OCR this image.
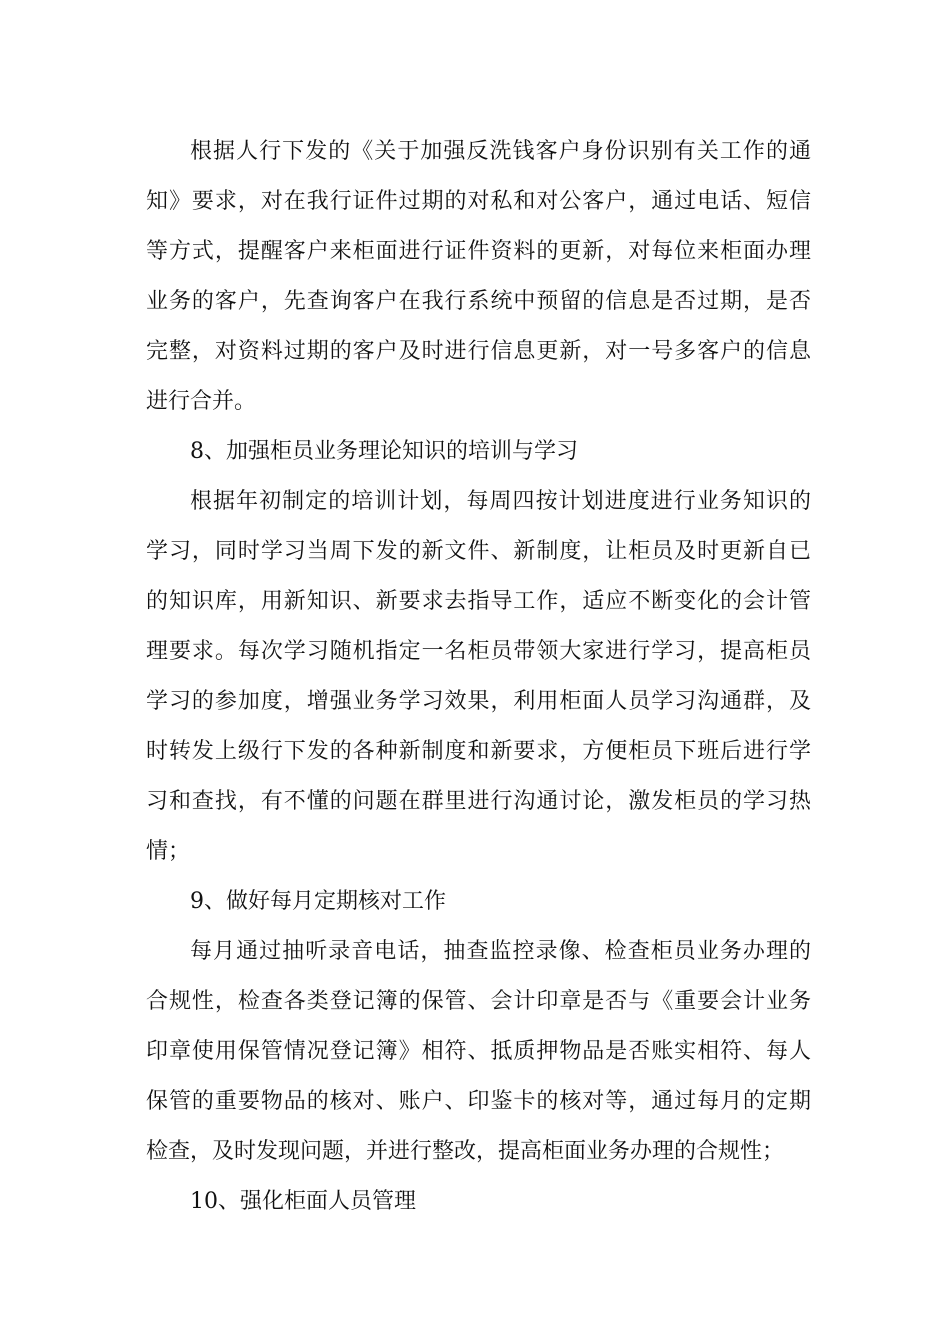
根据人行下发的《关于加强反洗钱客户身份识别有关工作的通
知》要求，对在我行证件过期的对私和对公客户，通过电话、短信
等方式，提醒客户来柜面进行证件资料的更新，对每位来柜面办理
业务的客户，先查询客户在我行系统中预留的信息是否过期，是否
完整，对资料过期的客户及时进行信息更新，对一号多客户的信息
进行合并。
8、加强柜员业务理论知识的培训与学习
根据年初制定的培训计划，每周四按计划进度进行业务知识的
学习，同时学习当周下发的新文件、新制度，让柜员及时更新自已
的知识库，用新知识、新要求去指导工作，适应不断变化的会计管
理要求。每次学习随机指定一名柜员带领大家进行学习，提高柜员
学习的参加度，增强业务学习效果，利用柜面人员学习沟通群，及
时转发上级行下发的各种新制度和新要求，方便柜员下班后进行学
习和查找，有不懂的问题在群里进行沟通讨论，激发柜员的学习热
情；
9、做好每月定期核对工作
每月通过抽听录音电话，抽查监控录像、检查柜员业务办理的
合规性，检查各类登记簿的保管、会计印章是否与《重要会计业务
印章使用保管情况登记簿》相符、抵质押物品是否账实相符、每人
保管的重要物品的核对、账户、印鉴卡的核对等，通过每月的定期
检查，及时发现问题，并进行整改，提高柜面业务办理的合规性；
10、强化柜面人员管理
